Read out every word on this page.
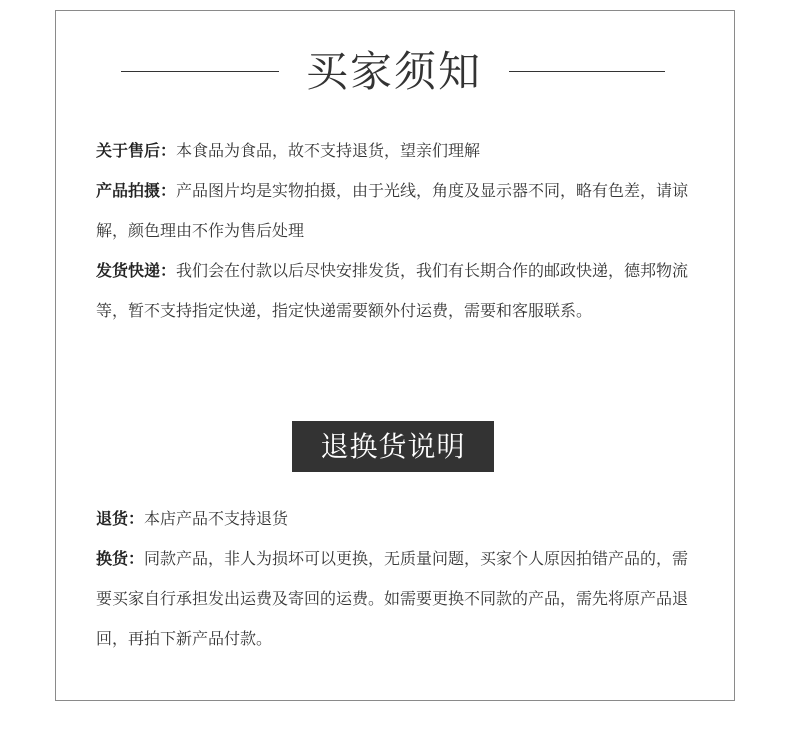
买家须知

关于售后：本食品为食品，故不支持退货，望亲们理解

产品拍摄：产品图片均是实物拍摄，由于光线，角度及显示器不同，略有色差，请谅解，颜色理由不作为售后处理

发货快递：我们会在付款以后尽快安排发货，我们有长期合作的邮政快递，德邦物流等，暂不支持指定快递，指定快递需要额外付运费，需要和客服联系。

退换货说明

退货：本店产品不支持退货

换货：同款产品，非人为损坏可以更换，无质量问题，买家个人原因拍错产品的，需要买家自行承担发出运费及寄回的运费。如需要更换不同款的产品，需先将原产品退回，再拍下新产品付款。
